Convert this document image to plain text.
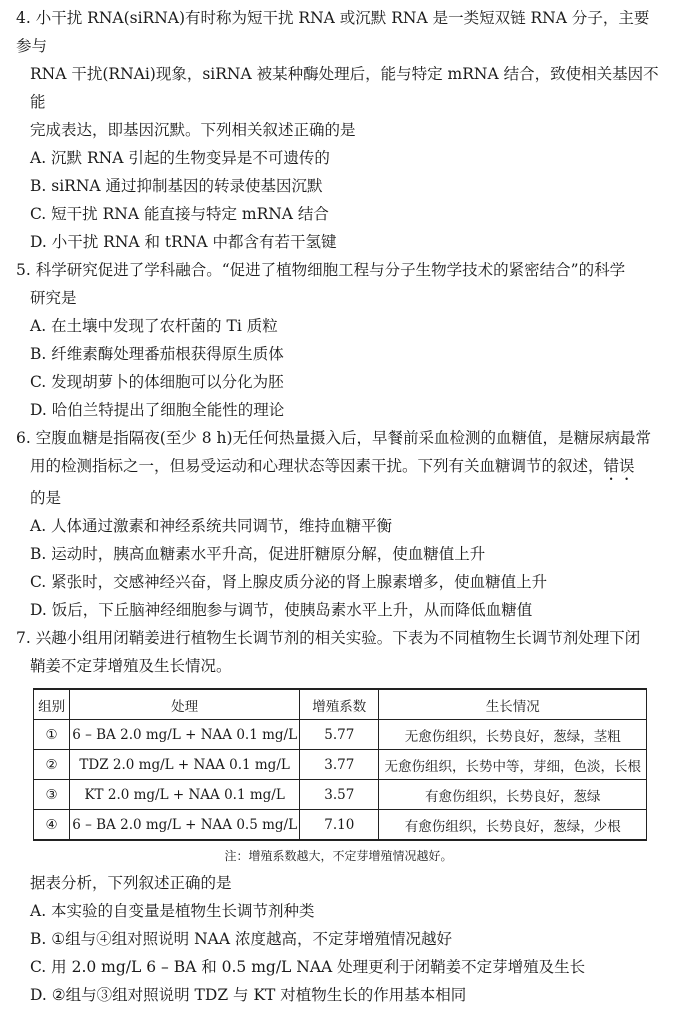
4. 小干扰 RNA(siRNA)有时称为短干扰 RNA 或沉默 RNA 是一类短双链 RNA 分子，主要参与

RNA 干扰(RNAi)现象，siRNA 被某种酶处理后，能与特定 mRNA 结合，致使相关基因不能

完成表达，即基因沉默。下列相关叙述正确的是

A. 沉默 RNA 引起的生物变异是不可遗传的

B. siRNA 通过抑制基因的转录使基因沉默

C. 短干扰 RNA 能直接与特定 mRNA 结合

D. 小干扰 RNA 和 tRNA 中都含有若干氢键

5. 科学研究促进了学科融合。“促进了植物细胞工程与分子生物学技术的紧密结合”的科学

研究是

A. 在土壤中发现了农杆菌的 Ti 质粒

B. 纤维素酶处理番茄根获得原生质体

C. 发现胡萝卜的体细胞可以分化为胚

D. 哈伯兰特提出了细胞全能性的理论

6. 空腹血糖是指隔夜(至少 8 h)无任何热量摄入后，早餐前采血检测的血糖值，是糖尿病最常

用的检测指标之一，但易受运动和心理状态等因素干扰。下列有关血糖调节的叙述，错误

的是

A. 人体通过激素和神经系统共同调节，维持血糖平衡

B. 运动时，胰高血糖素水平升高，促进肝糖原分解，使血糖值上升

C. 紧张时，交感神经兴奋，肾上腺皮质分泌的肾上腺素增多，使血糖值上升

D. 饭后，下丘脑神经细胞参与调节，使胰岛素水平上升，从而降低血糖值

7. 兴趣小组用闭鞘姜进行植物生长调节剂的相关实验。下表为不同植物生长调节剂处理下闭

鞘姜不定芽增殖及生长情况。

组别	处理	增殖系数	生长情况
①	6 – BA 2.0 mg/L + NAA 0.1 mg/L	5.77	无愈伤组织，长势良好，葱绿，茎粗
②	TDZ 2.0 mg/L + NAA 0.1 mg/L	3.77	无愈伤组织，长势中等，芽细，色淡，长根
③	KT 2.0 mg/L + NAA 0.1 mg/L	3.57	有愈伤组织，长势良好，葱绿
④	6 – BA 2.0 mg/L + NAA 0.5 mg/L	7.10	有愈伤组织，长势良好，葱绿，少根

注：增殖系数越大，不定芽增殖情况越好。

据表分析，下列叙述正确的是

A. 本实验的自变量是植物生长调节剂种类

B. ①组与④组对照说明 NAA 浓度越高，不定芽增殖情况越好

C. 用 2.0 mg/L 6 – BA 和 0.5 mg/L NAA 处理更利于闭鞘姜不定芽增殖及生长

D. ②组与③组对照说明 TDZ 与 KT 对植物生长的作用基本相同
